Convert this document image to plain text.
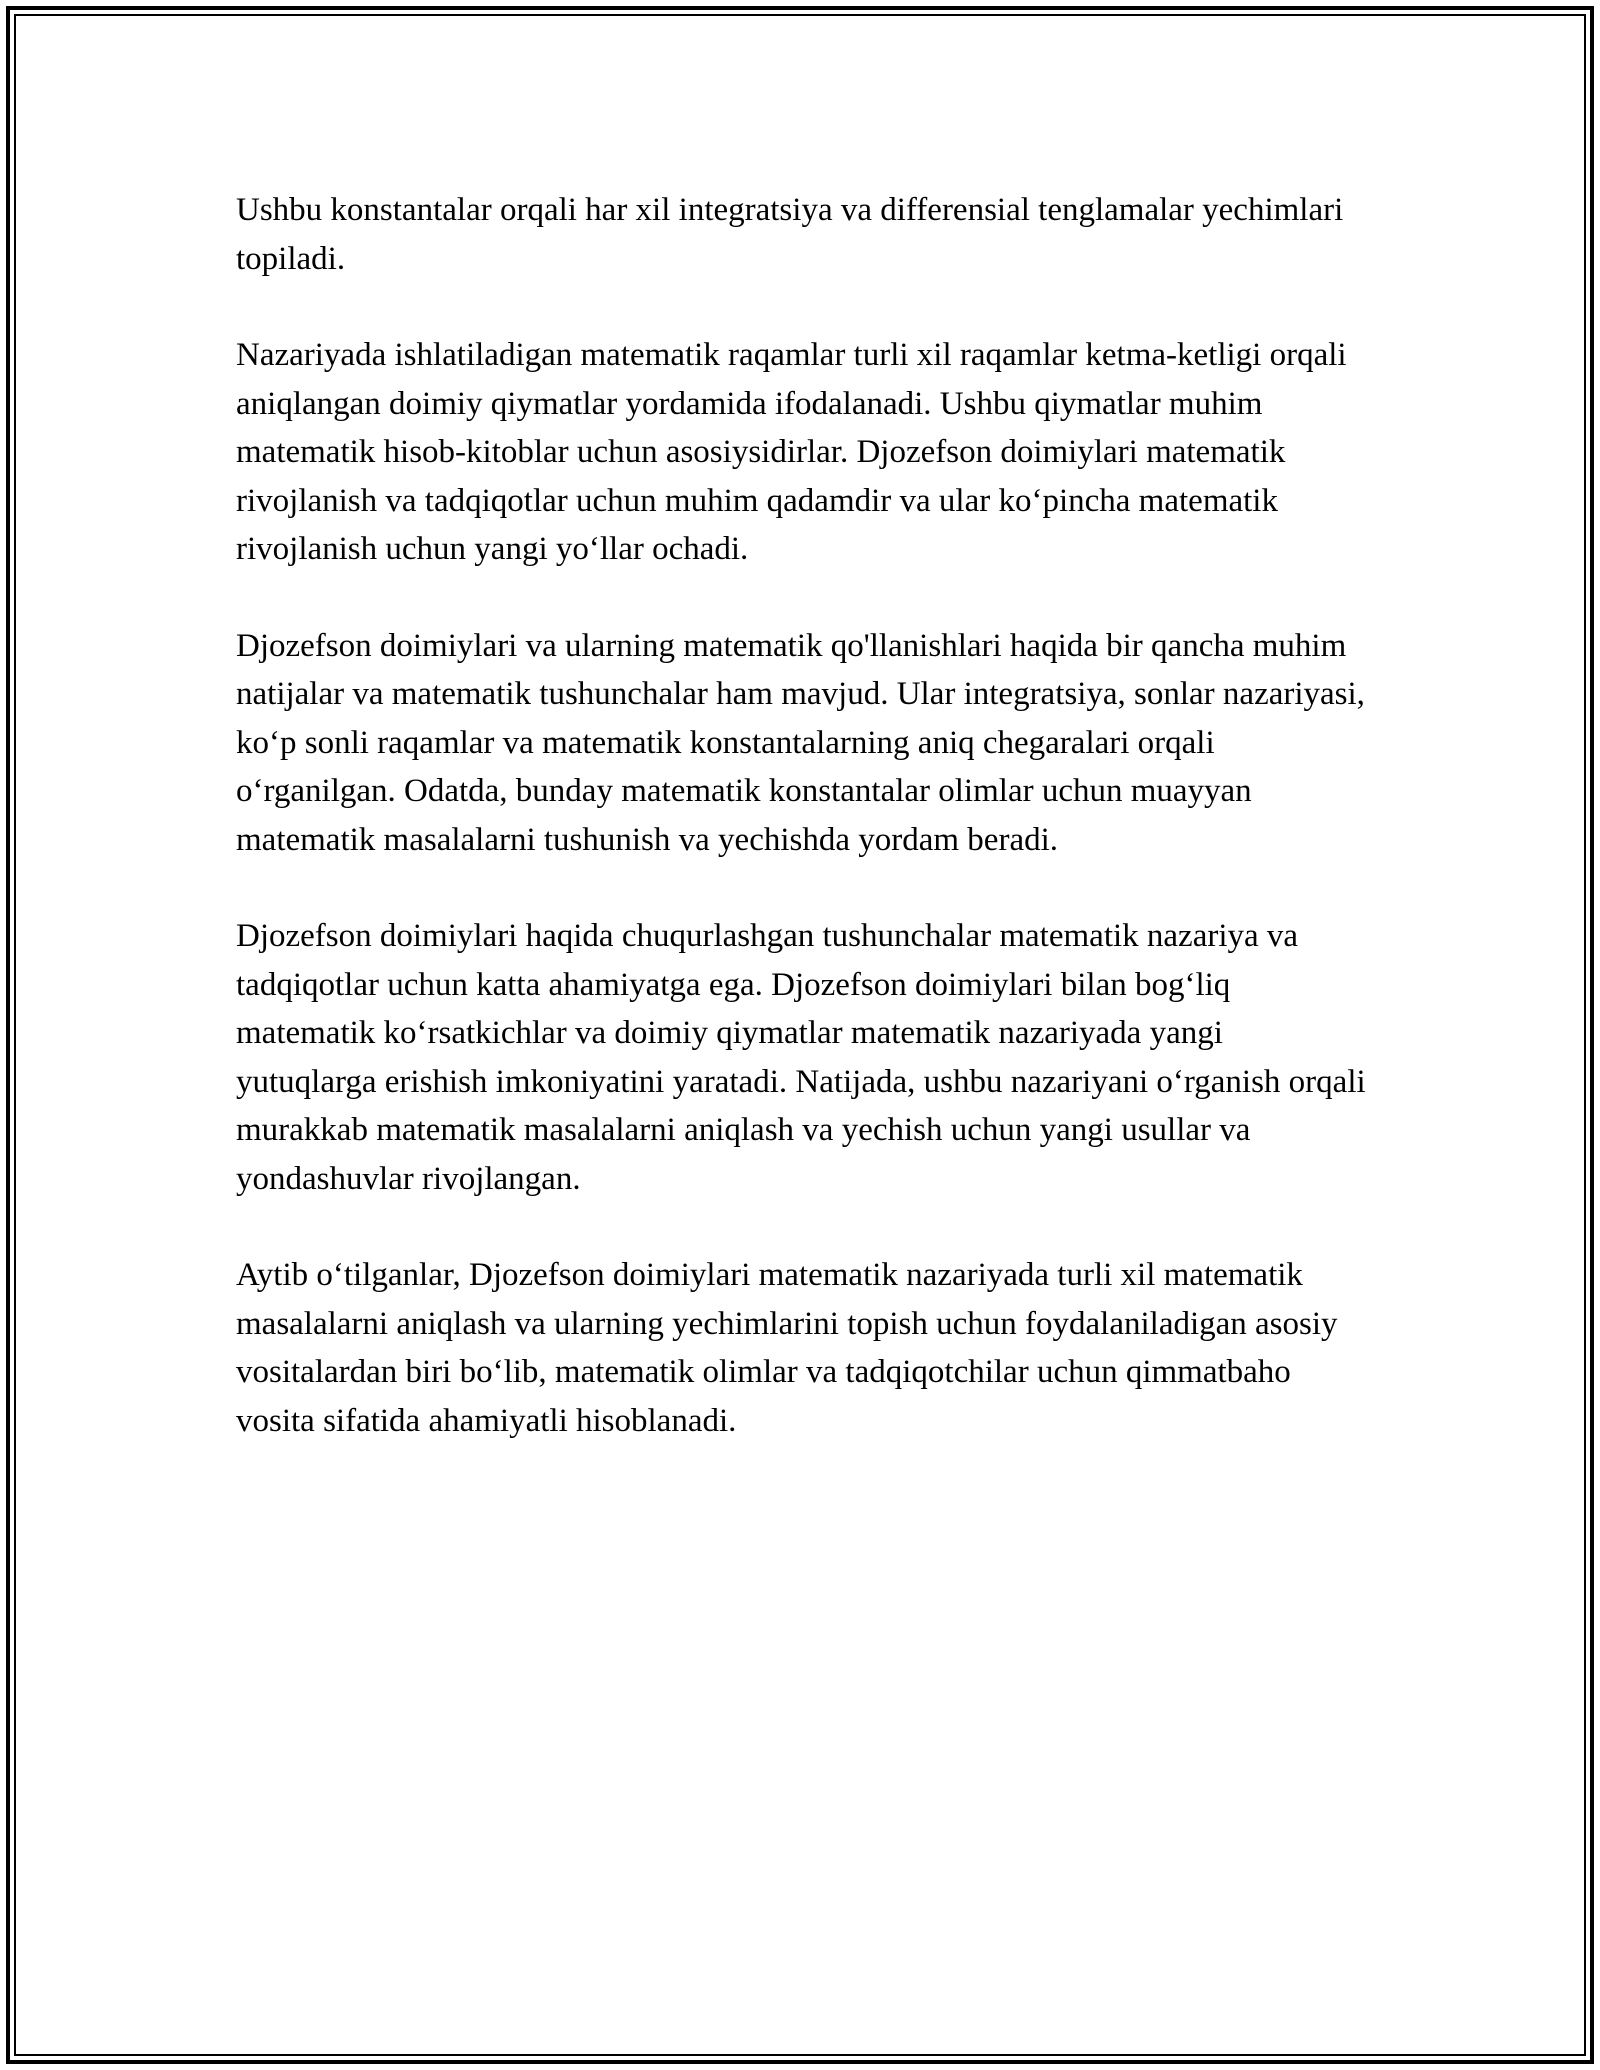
Ushbu konstantalar orqali har xil integratsiya va differensial tenglamalar yechimlari topiladi.

Nazariyada ishlatiladigan matematik raqamlar turli xil raqamlar ketma-ketligi orqali aniqlangan doimiy qiymatlar yordamida ifodalanadi. Ushbu qiymatlar muhim matematik hisob-kitoblar uchun asosiysidirlar. Djozefson doimiylari matematik rivojlanish va tadqiqotlar uchun muhim qadamdir va ular ko‘pincha matematik rivojlanish uchun yangi yo‘llar ochadi.

Djozefson doimiylari va ularning matematik qo'llanishlari haqida bir qancha muhim natijalar va matematik tushunchalar ham mavjud. Ular integratsiya, sonlar nazariyasi, ko‘p sonli raqamlar va matematik konstantalarning aniq chegaralari orqali o‘rganilgan. Odatda, bunday matematik konstantalar olimlar uchun muayyan matematik masalalarni tushunish va yechishda yordam beradi.

Djozefson doimiylari haqida chuqurlashgan tushunchalar matematik nazariya va tadqiqotlar uchun katta ahamiyatga ega. Djozefson doimiylari bilan bog‘liq matematik ko‘rsatkichlar va doimiy qiymatlar matematik nazariyada yangi yutuqlarga erishish imkoniyatini yaratadi. Natijada, ushbu nazariyani o‘rganish orqali murakkab matematik masalalarni aniqlash va yechish uchun yangi usullar va yondashuvlar rivojlangan.

Aytib o‘tilganlar, Djozefson doimiylari matematik nazariyada turli xil matematik masalalarni aniqlash va ularning yechimlarini topish uchun foydalaniladigan asosiy vositalardan biri bo‘lib, matematik olimlar va tadqiqotchilar uchun qimmatbaho vosita sifatida ahamiyatli hisoblanadi.
